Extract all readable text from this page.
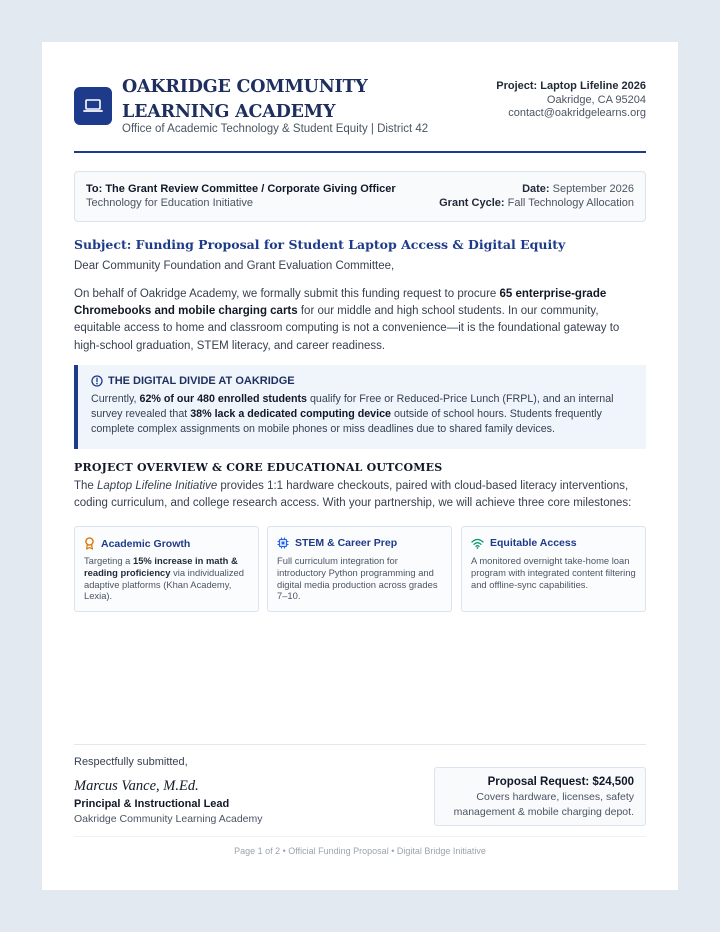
OAKRIDGE COMMUNITY LEARNING ACADEMY
Office of Academic Technology & Student Equity | District 42
Project: Laptop Lifeline 2026
Oakridge, CA 95204
contact@oakridgelearns.org
To: The Grant Review Committee / Corporate Giving Officer
Technology for Education Initiative
Date: September 2026
Grant Cycle: Fall Technology Allocation
Subject: Funding Proposal for Student Laptop Access & Digital Equity
Dear Community Foundation and Grant Evaluation Committee,
On behalf of Oakridge Academy, we formally submit this funding request to procure 65 enterprise-grade Chromebooks and mobile charging carts for our middle and high school students. In our community, equitable access to home and classroom computing is not a convenience—it is the foundational gateway to high-school graduation, STEM literacy, and career readiness.
THE DIGITAL DIVIDE AT OAKRIDGE
Currently, 62% of our 480 enrolled students qualify for Free or Reduced-Price Lunch (FRPL), and an internal survey revealed that 38% lack a dedicated computing device outside of school hours. Students frequently complete complex assignments on mobile phones or miss deadlines due to shared family devices.
PROJECT OVERVIEW & CORE EDUCATIONAL OUTCOMES
The Laptop Lifeline Initiative provides 1:1 hardware checkouts, paired with cloud-based literacy interventions, coding curriculum, and college research access. With your partnership, we will achieve three core milestones:
Academic Growth
Targeting a 15% increase in math & reading proficiency via individualized adaptive platforms (Khan Academy, Lexia).
STEM & Career Prep
Full curriculum integration for introductory Python programming and digital media production across grades 7–10.
Equitable Access
A monitored overnight take-home loan program with integrated content filtering and offline-sync capabilities.
Respectfully submitted,
Marcus Vance, M.Ed.
Principal & Instructional Lead
Oakridge Community Learning Academy
Proposal Request: $24,500
Covers hardware, licenses, safety
management & mobile charging depot.
Page 1 of 2 • Official Funding Proposal • Digital Bridge Initiative
